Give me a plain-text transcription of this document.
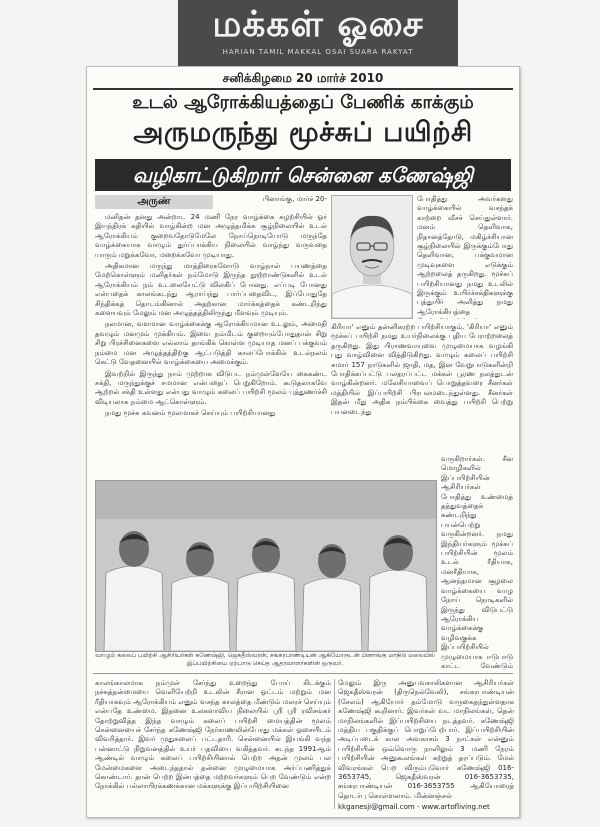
மக்கள் ஓசை
HARIAN TAMIL MAKKAL OSAI SUARA RAKYAT
சனிக்கிழமை 20 மார்ச் 2010
உடல் ஆரோக்கியத்தைப் பேணிக் காக்கும்
அருமருந்து மூச்சுப் பயிற்சி
வழிகாட்டுகிறார் சென்னை கணேஷ்ஜி
அருண்	பினாங்கு, மார்ச் 20-

மனிதன் தனது அன்றாட 24 மணி நேர வாழ்க்கை சுழற்சியில் ஓர் இயந்திரக் கதியில் வாழ்கின்ற மன அழுத்தமிக்க சூழ்நிலையில் உடல் ஆரோக்கியம் குறைவதோடுமேலே நோய்நொடியோடு மருந்தே வாழ்க்கையாக வாழும் துர்ப்பாக்கிய நிலையில் வாழ்ந்து வருவதை யாரும் மறுக்கவோ, மறைக்கவோ முடியாது.

அதிகமான மருந்து மாத்திரைகளோடு வாழ்நாள் பயணத்தை மேற்கொள்ளும் மனிதர்கள் நம்மோடு இருந்த நூற்றாண்டுகளில் உடல் ஆரோக்கியம் நம் உடலையேட்டு விலகிப் போனது. எப்படி போனது என்பதைக் காலங்கடந்து ஆராய்ந்து பார்ப்பதைவிட, இப்போதுதே சிந்திக்கத் தொடங்கினால் அதற்கான மார்க்கத்தைக் கண்டறிந்து களையவும் மேலும் மன அழுத்தத்திலிருந்து மீளவும் முடியும்.

நலமான, வளமான வாழ்க்கைக்கு ஆரோக்கியமான உடலும், அமைதி தவழும் மனமும் முக்கியம். இவை நம்மிடம் குறையும்போதுதான் சிறு சிறு பிரச்சினைகளை எல்லாம் தாங்கிக் கொள்ள முடியாத மனப் பக்குவம் நம்மை மன அழுத்தத்திற்கு ஆட்படுத்தி காலப்போக்கில் உடல்நலம் கெட்டு வேதனையில் வாழ்க்கையை அமைக்கும்.

இவற்றில் இருந்து நாம் முற்றாக விடுபட நம்முள்ளேயே கைகண்ட சக்தி, மருந்துக்குச் சமமான என்பதைப் பெறுகிறோம். கூடுதலாகவே ஆற்றல் சக்தி உள்ளது என்பது வாழும் கலைப் பயிற்சி மூலம் புத்துணர்ச்சி விடியலாக நம்மை ஆட்கொள்ளும்.

நமது மூச்சு கவனம் மூலமாகச் செய்யும் பயிற்சியானது

போதித்து அவர்களது வாழ்க்கையில் வசந்தக் காற்றை வீசச் செய்துள்ளார். மனம் தெளிவாக, நிதானத்தோடு, மகிழ்ச்சியான சூழ்நிலையில் இருக்கும்போது தெளிவான, பக்குவமான முடிவுகளை எடுக்கும் ஆற்றலைத் தருகிறது. மூச்சுப் பயிற்சியானது நமது உடலில் இருக்கும் உயிர்ச்சக்திகளுக்கு புத்துயிர் அளித்து நமது ஆரோக்கியத்தை
கிரியா' எனும் தன்னிகரற்ற பயிற்சியாகும். 'கிரியா' எனும் மூச்சுப் பயிற்சி நமது உயர்நிலைக்கு புதிய பேராற்றலைத் தருகிறது. இது பிராணவாயுவை முழுமையாக வழங்கி புது வாழ்வினை வித்திடுகிறது. வாழும் கலைப் பயிற்சி சுமார் 157 நாடுகளில் ஜாதி, மத, இன வேறுபாடுகளின்றி போதிக்கப்பட்டு பலதரப்பட்ட மக்கள் பூரண நலத்துடன் வாழ்கின்றனர். மலேசியாவைப் பொறுத்தவரை சீனர்கள் மத்தியில் இப்பயிற்சி பிரபலமடைந்துள்ளது. சீனர்கள் இதன் மீது அதிக நம்பிக்கை வைத்து பயிற்சி பெற்று பயனடைந்து
வருகிறார்கள். சீன மொழிகளில் இப்பயிற்சியின் ஆசிரியர்கள் போதித்து உண்மைத் தத்துவத்தைக் கண்டறிந்து பயன்பெற்று வருகின்றனர். நமது இந்தியர்களும் மூச்சுப் பயிற்சியின் மூலம் உடல் ரீதியாக, மனரீதியாக, ஆனந்தமான சூழலை வாழ்க்கையை வாழ நோய் நொடிகளில் இருந்து விடுபட்டு ஆரோக்கிய வாழ்க்கைக்கு வழிவகுக்க இப்பயிற்சியில் முழுமையாக ஈடுபாடு காட்ட வேண்டும்
வாழும் கலைப் பயிற்சி ஆசிரியர்கள் கணேஷ்ஜி, ஜெகதீஸ்வரன், சங்கரபாண்டியன் ஆகியோருடன் பினாங்கு மாநில் மலையில் இப்பயிற்சியை ஏற்பாடு செய்த ஆதரவாளர்களின் ஒருவர்.
காலங்காலமாக நம்முள் சேர்ந்து உறைந்து போய் கிடக்கும் நச்சுத்தன்மையை வெளியேற்றி உடலின் சீரான ஓட்டம் மற்றும் மன ரீதியாகவும் ஆரோக்கியம் எனும் வசந்த காலத்தை மீண்டும் மலரச் செய்யும் என்பதே உண்மை. இதனை உலகளாவிய நிலையில் ஸ்ரீ ஸ்ரீ ரவிசங்கர் தோற்றுவித்த இந்த வாழும் கலைப் பயிற்சி மையத்தின் மூலம் சென்னையைச் சேர்ந்த கணேஷ்ஜி நேர்காணலின்போது மக்கள் ஓசையிடம் விவரித்தார். இவர் முதுகலைப் பட்டதாரி. சென்னையில் இயங்கி வந்த பன்னாட்டு நிறுவனத்தில் உயர் பதவியை வகித்தவர். கடந்த 1991ஆம் ஆண்டில் வாழும் கலைப் பயிற்சியினால் பெற்ற அதன் முலம் பல மேன்மைகளை அடைந்ததால் தன்னை முழுமையாக அர்ப்பணித்துக் கொண்டார். தான் பெற்ற இன்பத்தை மற்றவர்களும் பெற வேண்டும் என்ற நோக்கில் பல்லாயிரக்கணக்கான மக்களுக்கு இப்பயிற்சியினை
மேலும் இரு அனுபவசாலிகளான ஆசிரியர்கள் ஜெகதீஸ்வரன் (திருநெல்வேலி), சங்கரபாண்டியன் (சேலம்) ஆகியோர் தம்மோடு வருகைதந்துள்ளதாக கணேஷ்ஜி கூறினார். இவர்கள் வட மாநிலங்கள், தென் மாநிலங்களில் இப்பயிற்சியை நடத்தவர். கணேஷ்ஜி மத்திய பகுதிக்குப் பொறுப்பேற்பார். இப்பயிற்சியின் அடிப்படைக் கால அவகாசம் 3 நாட்கள் என்னும் பயிற்சியின் ஒவ்வொரு நாளிலும் 3 மணி நேரம் பயிற்சியின் அனுகூலங்கள் கற்றுத் தரப்படும். மேல் விவரங்கள் பெற விரும்புவோர் கணேஷ்ஜி 016-3653745, ஜெகதீஸ்வரன் 016-3653735, சங்கரபாண்டியன் 016-3653755 ஆகியோரைத் தொடர்பு கொள்ளலாம். மின்னஞ்சல்
kkganesji@gmail.com - www.artofliving.net
